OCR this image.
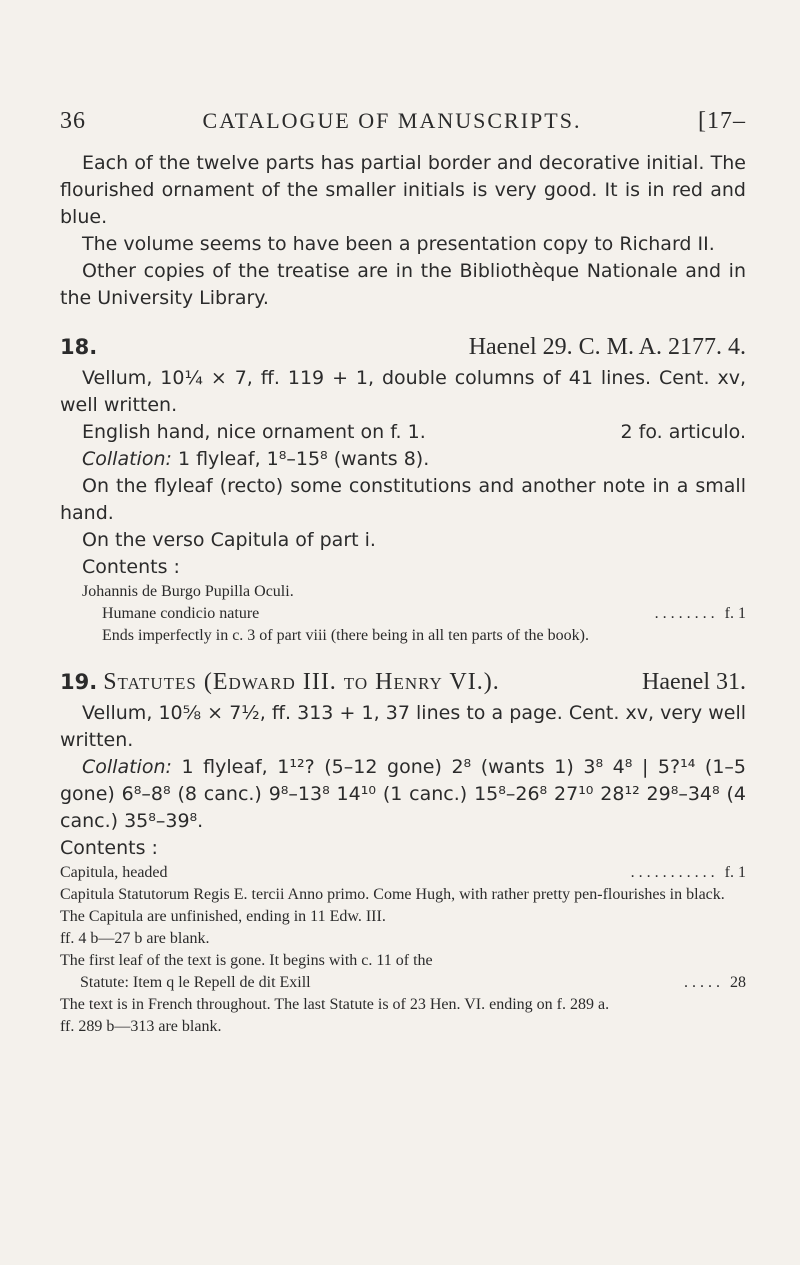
36	CATALOGUE OF MANUSCRIPTS.	[17–

Each of the twelve parts has partial border and decorative initial. The flourished ornament of the smaller initials is very good. It is in red and blue.

The volume seems to have been a presentation copy to Richard II.

Other copies of the treatise are in the Bibliothèque Nationale and in the University Library.

18.	Haenel 29. C. M. A. 2177. 4.

Vellum, 10¼ × 7, ff. 119 + 1, double columns of 41 lines. Cent. xv, well written.

English hand, nice ornament on f. 1.	2 fo. articulo.

Collation: 1 flyleaf, 1⁸–15⁸ (wants 8).

On the flyleaf (recto) some constitutions and another note in a small hand.

On the verso Capitula of part i.

Contents :

Johannis de Burgo Pupilla Oculi.

Humane condicio nature	. . . . . . . . f. 1

Ends imperfectly in c. 3 of part viii (there being in all ten parts of the book).

19. Statutes (Edward III. to Henry VI.).	Haenel 31.

Vellum, 10⅝ × 7½, ff. 313 + 1, 37 lines to a page. Cent. xv, very well written.

Collation: 1 flyleaf, 1¹²? (5–12 gone) 2⁸ (wants 1) 3⁸ 4⁸ | 5?¹⁴ (1–5 gone) 6⁸–8⁸ (8 canc.) 9⁸–13⁸ 14¹⁰ (1 canc.) 15⁸–26⁸ 27¹⁰ 28¹² 29⁸–34⁸ (4 canc.) 35⁸–39⁸.

Contents :

Capitula, headed	. . . . . . . . . . . f. 1

Capitula Statutorum Regis E. tercii Anno primo. Come Hugh, with rather pretty pen-flourishes in black.

The Capitula are unfinished, ending in 11 Edw. III.

ff. 4 b—27 b are blank.

The first leaf of the text is gone. It begins with c. 11 of the

Statute: Item q le Repell de dit Exill	. . . . . 28

The text is in French throughout. The last Statute is of 23 Hen. VI. ending on f. 289 a.

ff. 289 b—313 are blank.
